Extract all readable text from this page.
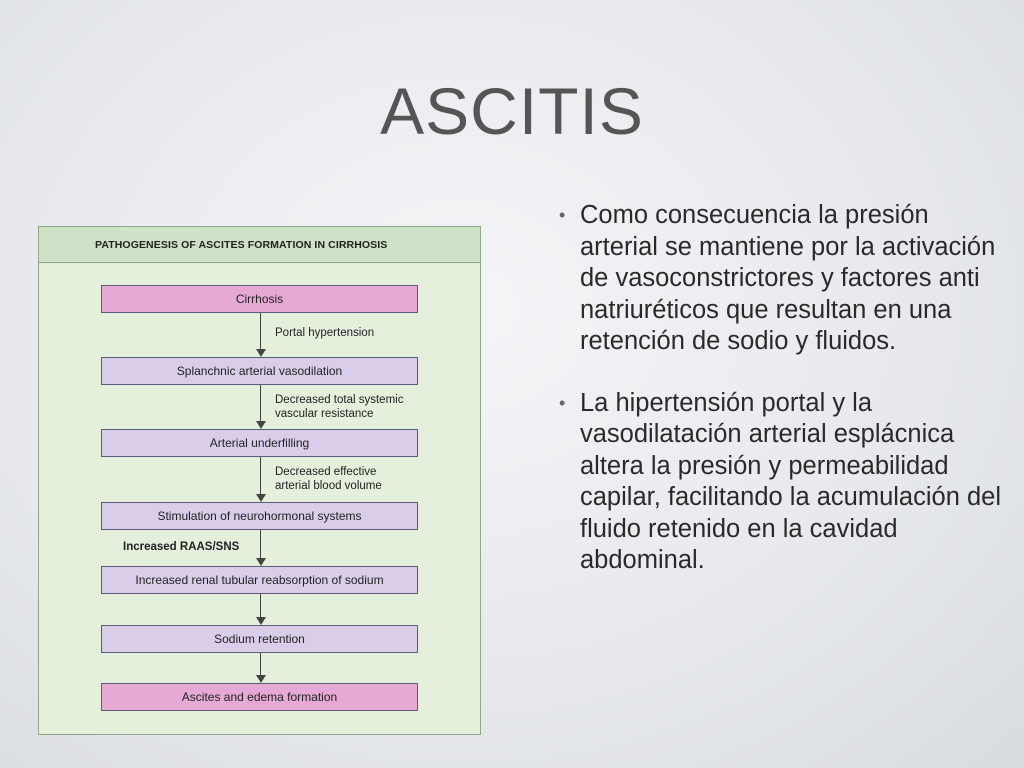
ASCITIS
PATHOGENESIS OF ASCITES FORMATION IN CIRRHOSIS
Cirrhosis
Splanchnic arterial vasodilation
Arterial underfilling
Stimulation of neurohormonal systems
Increased renal tubular reabsorption of sodium
Sodium retention
Ascites and edema formation
Portal hypertension
Decreased total systemic
vascular resistance
Decreased effective
arterial blood volume
Increased RAAS/SNS
• Como consecuencia la presión arterial se mantiene por la activación de vasoconstrictores y factores anti natriuréticos que resultan en una retención de sodio y fluidos.
• La hipertensión portal y la vasodilatación arterial esplácnica altera la presión y permeabilidad capilar, facilitando la acumulación del fluido retenido en la cavidad abdominal.
